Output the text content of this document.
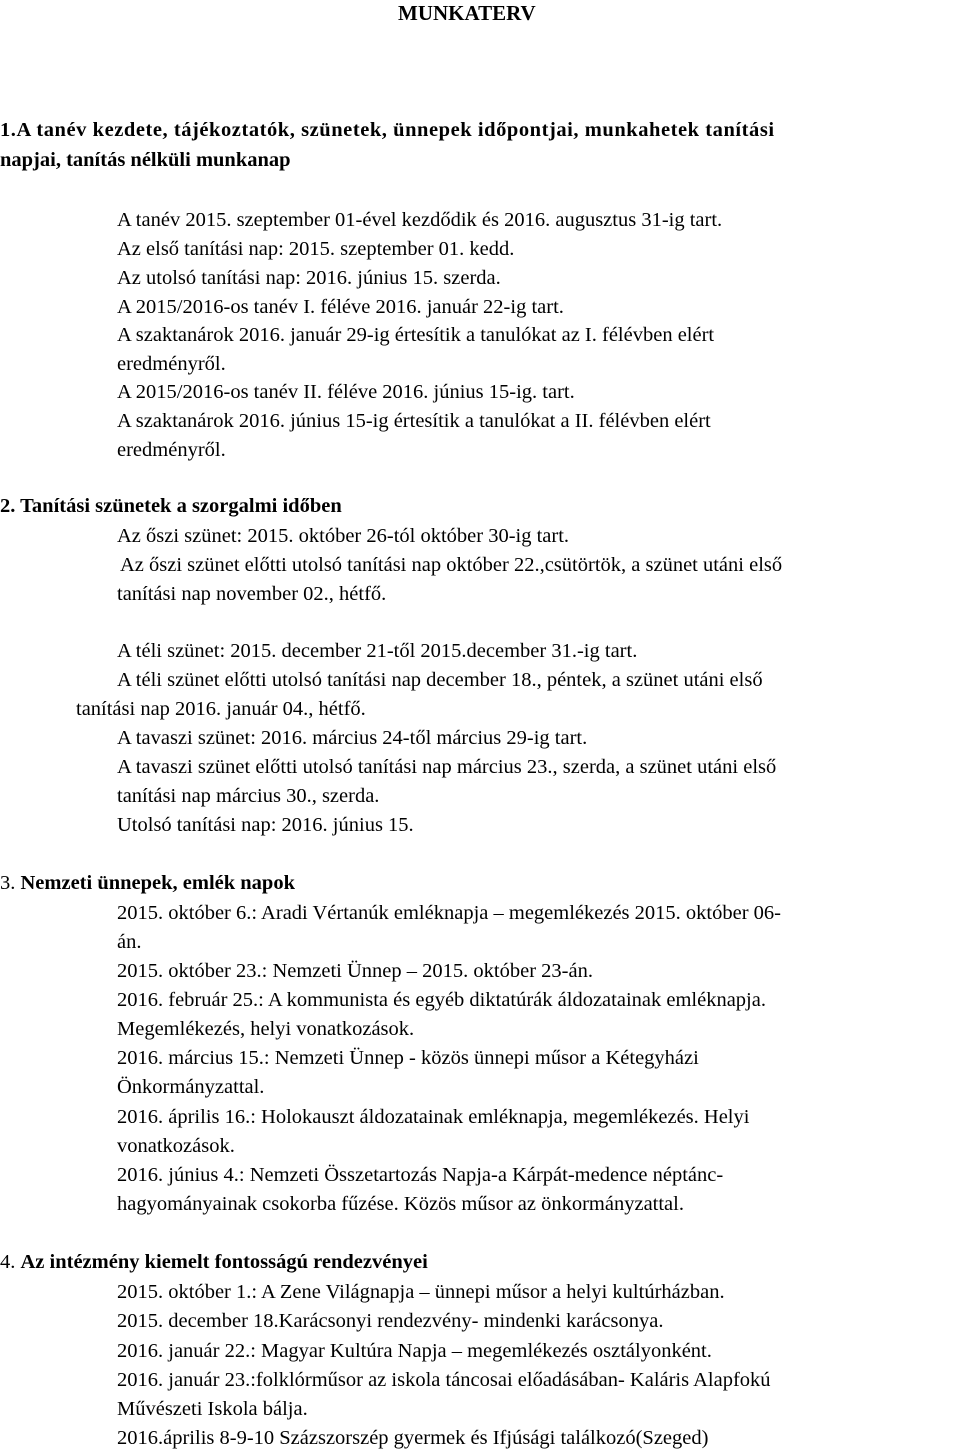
MUNKATERV
1.A tanév kezdete, tájékoztatók, szünetek, ünnepek időpontjai, munkahetek tanítási
napjai, tanítás nélküli munkanap
A tanév 2015. szeptember 01-ével kezdődik és 2016. augusztus 31-ig tart.
Az első tanítási nap: 2015. szeptember 01. kedd.
Az utolsó tanítási nap: 2016. június 15. szerda.
A 2015/2016-os tanév I. féléve 2016. január 22-ig tart.
A szaktanárok 2016. január 29-ig értesítik a tanulókat az I. félévben elért
eredményről.
A 2015/2016-os tanév II. féléve 2016. június 15-ig. tart.
A szaktanárok 2016. június 15-ig értesítik a tanulókat a II. félévben elért
eredményről.
2. Tanítási szünetek a szorgalmi időben
Az őszi szünet: 2015. október 26-tól október 30-ig tart.
Az őszi szünet előtti utolsó tanítási nap október 22.,csütörtök, a szünet utáni első
tanítási nap november 02., hétfő.
A téli szünet: 2015. december 21-től 2015.december 31.-ig tart.
A téli szünet előtti utolsó tanítási nap december 18., péntek, a szünet utáni első
tanítási nap 2016. január 04., hétfő.
A tavaszi szünet: 2016. március 24-től március 29-ig tart.
A tavaszi szünet előtti utolsó tanítási nap március 23., szerda, a szünet utáni első
tanítási nap március 30., szerda.
Utolsó tanítási nap: 2016. június 15.
3. Nemzeti ünnepek, emlék napok
2015. október 6.: Aradi Vértanúk emléknapja – megemlékezés 2015. október 06-
án.
2015. október 23.: Nemzeti Ünnep – 2015. október 23-án.
2016. február 25.: A kommunista és egyéb diktatúrák áldozatainak emléknapja.
Megemlékezés, helyi vonatkozások.
2016. március 15.: Nemzeti Ünnep - közös ünnepi műsor a Kétegyházi
Önkormányzattal.
2016. április 16.: Holokauszt áldozatainak emléknapja, megemlékezés. Helyi
vonatkozások.
2016. június 4.: Nemzeti Összetartozás Napja-a Kárpát-medence néptánc-
hagyományainak csokorba fűzése. Közös műsor az önkormányzattal.
4. Az intézmény kiemelt fontosságú rendezvényei
2015. október 1.: A Zene Világnapja – ünnepi műsor a helyi kultúrházban.
2015. december 18.Karácsonyi rendezvény- mindenki karácsonya.
2016. január 22.: Magyar Kultúra Napja – megemlékezés osztályonként.
2016. január 23.:folklórműsor az iskola táncosai előadásában- Kaláris Alapfokú
Művészeti Iskola bálja.
2016.április 8-9-10 Százszorszép gyermek és Ifjúsági találkozó(Szeged)
